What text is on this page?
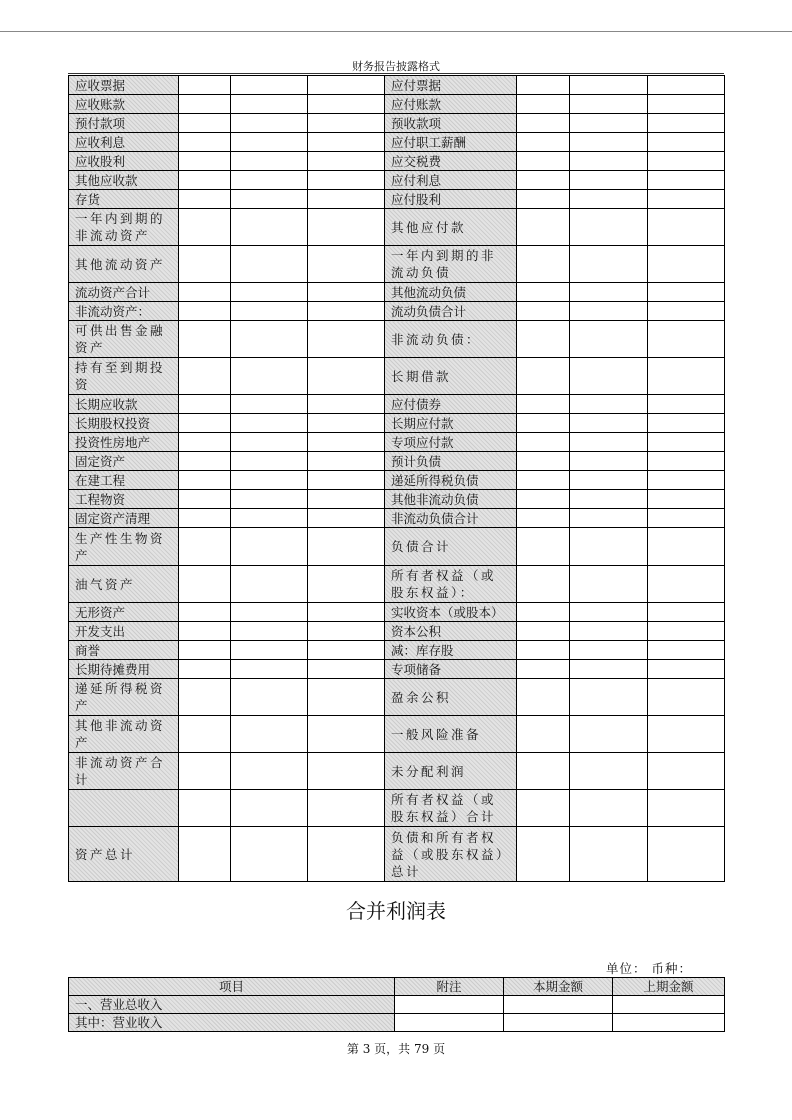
财务报告披露格式
应收票据				应付票据			
应收账款				应付账款			
预付款项				预收款项			
应收利息				应付职工薪酬			
应收股利				应交税费			
其他应收款				应付利息			
存货				应付股利			
一年内到期的非流动资产				其他应付款			
其他流动资产				一年内到期的非流动负债			
流动资产合计				其他流动负债			
非流动资产：				流动负债合计			
可供出售金融资产				非流动负债：			
持有至到期投资				长期借款			
长期应收款				应付债券			
长期股权投资				长期应付款			
投资性房地产				专项应付款			
固定资产				预计负债			
在建工程				递延所得税负债			
工程物资				其他非流动负债			
固定资产清理				非流动负债合计			
生产性生物资产				负债合计			
油气资产				所有者权益（或股东权益）：			
无形资产				实收资本（或股本）			
开发支出				资本公积			
商誉				减：库存股			
长期待摊费用				专项储备			
递延所得税资产				盈余公积			
其他非流动资产				一般风险准备			
非流动资产合计				未分配利润			
				所有者权益（或股东权益）合计			
资产总计				负债和所有者权益（或股东权益）总计			
合并利润表
单位： 币种：
项目	附注	本期金额	上期金额
一、营业总收入			
其中：营业收入			
第 3 页，共 79 页
